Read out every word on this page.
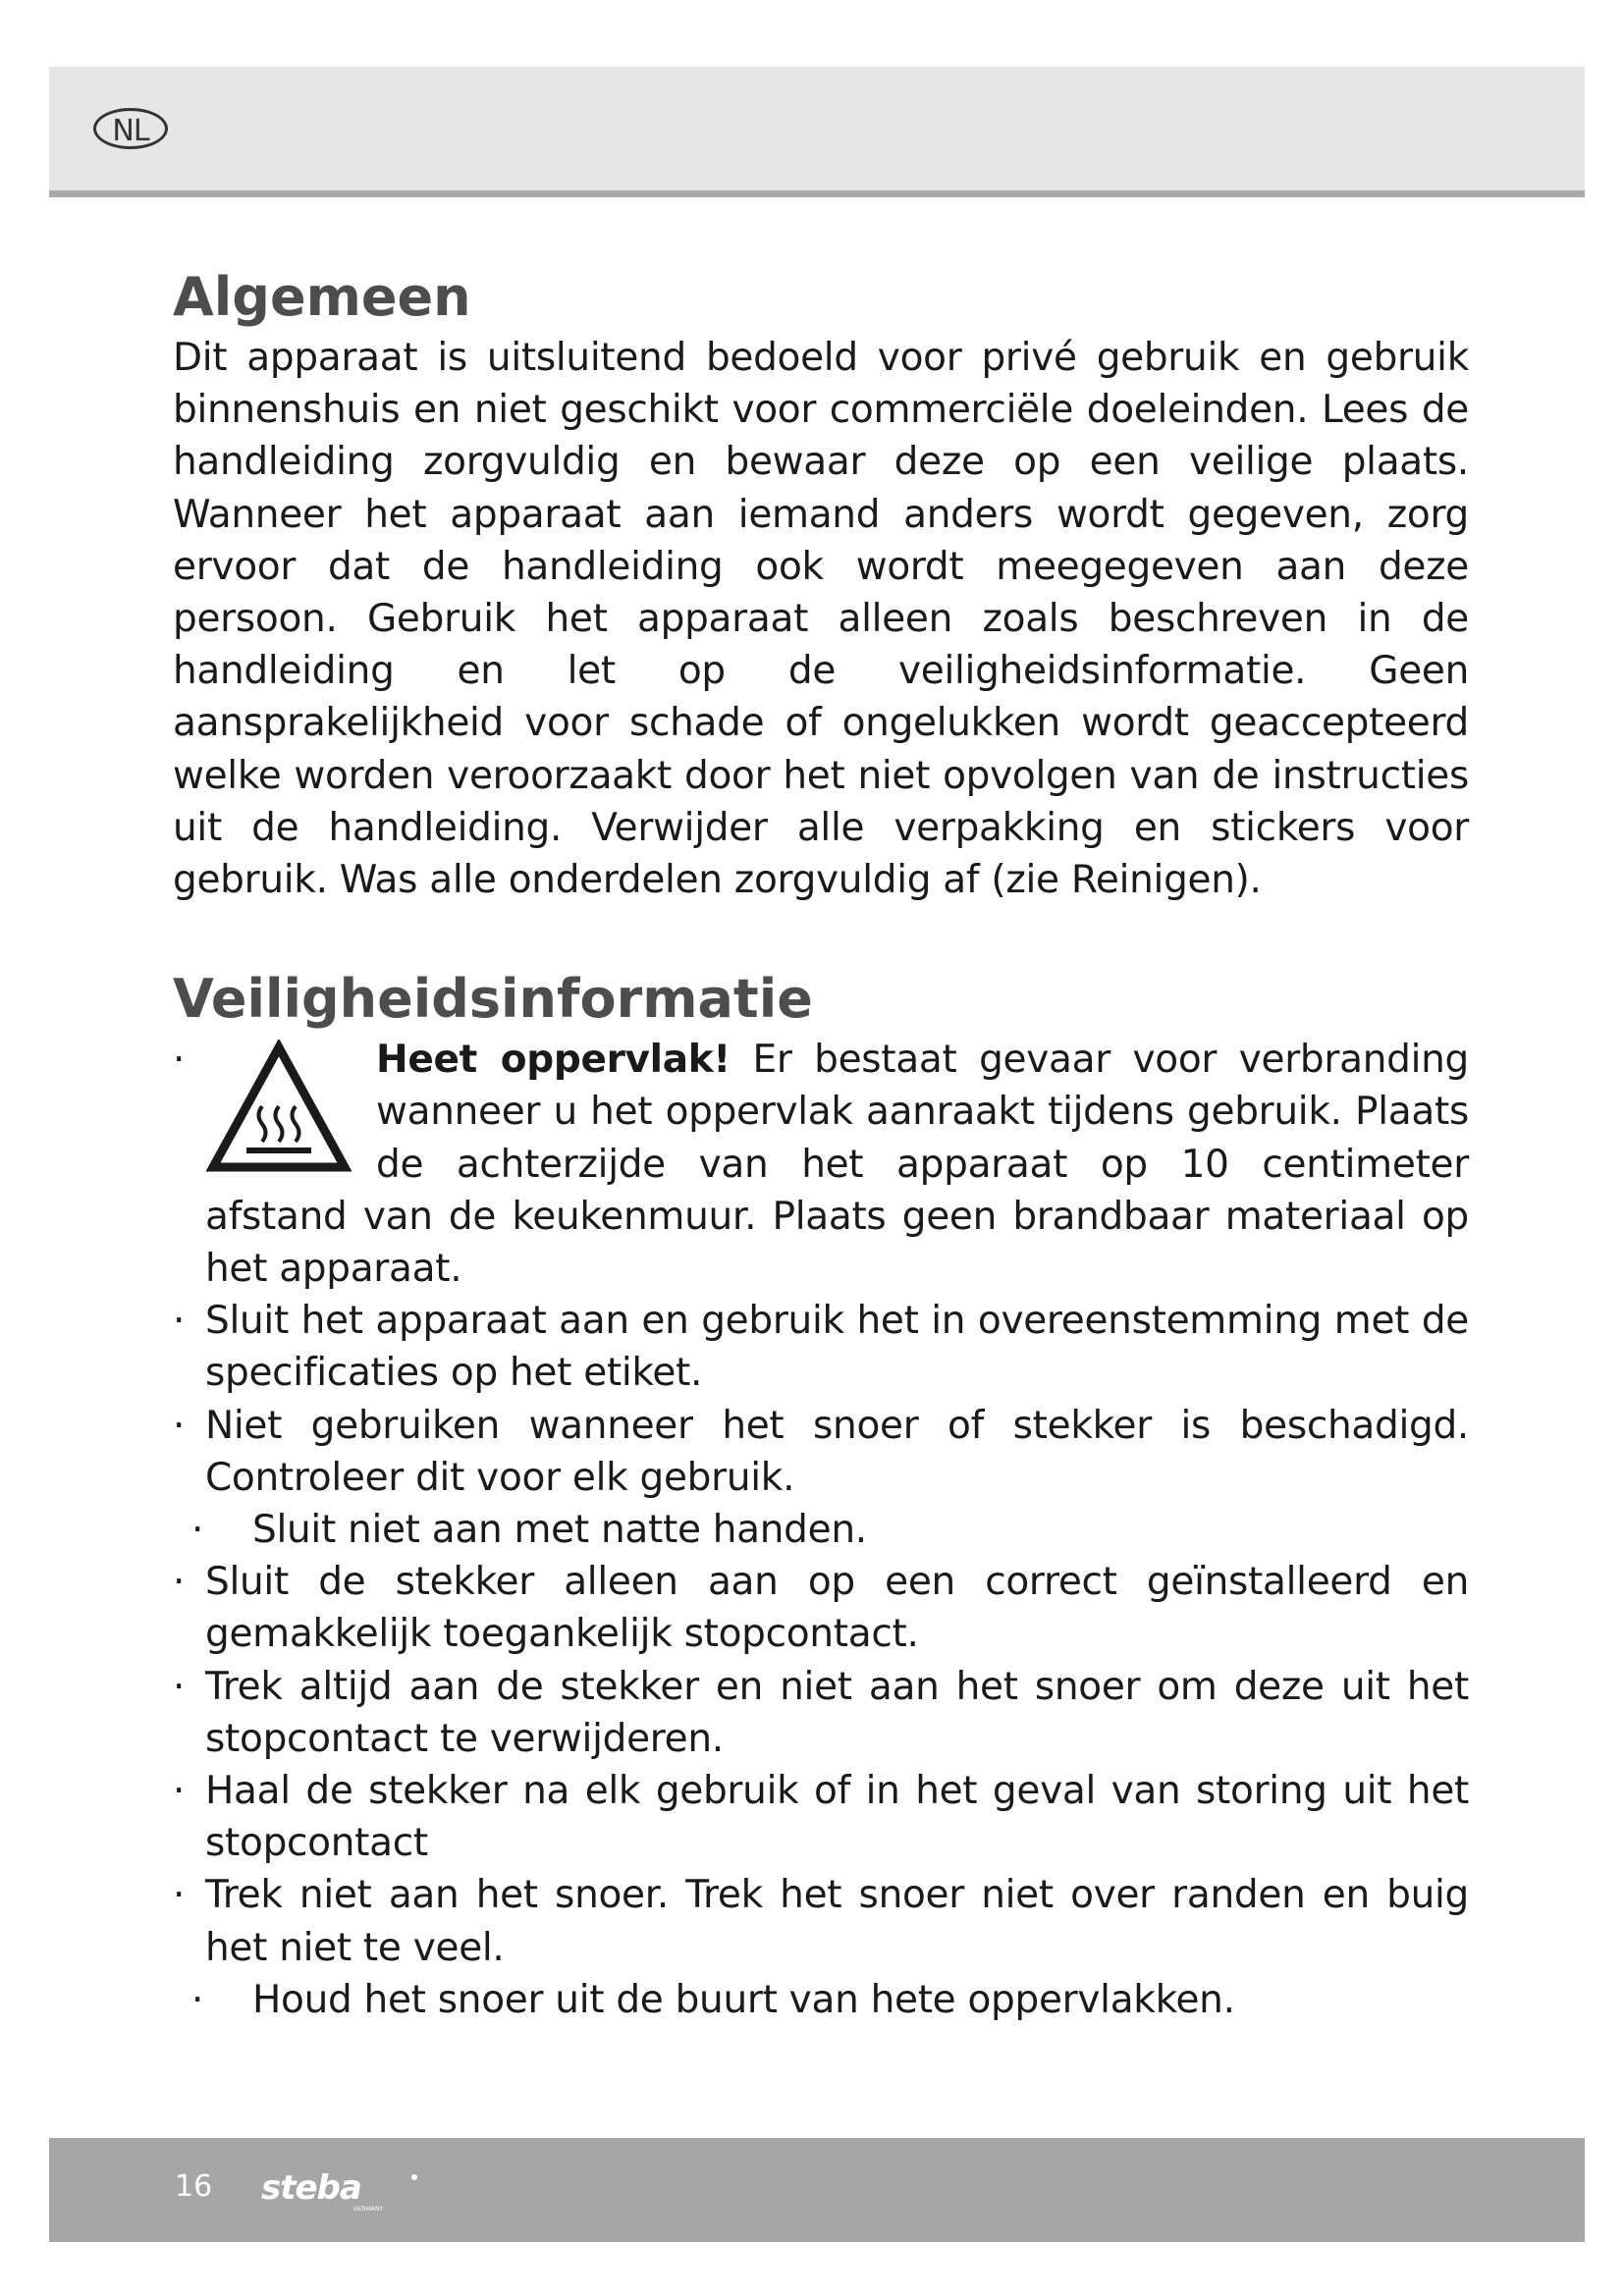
NL
Algemeen

Dit apparaat is uitsluitend bedoeld voor privé gebruik en gebruik binnenshuis en niet geschikt voor commerciële doeleinden. Lees de handleiding zorgvuldig en bewaar deze op een veilige plaats. Wanneer het apparaat aan iemand anders wordt gegeven, zorg ervoor dat de handleiding ook wordt meegegeven aan deze persoon. Gebruik het apparaat alleen zoals beschreven in de handleiding en let op de veiligheidsinformatie. Geen aansprakelijkheid voor schade of ongelukken wordt geaccepteerd welke worden veroorzaakt door het niet opvolgen van de instructies uit de handleiding. Verwijder alle verpakking en stickers voor gebruik. Was alle onderdelen zorgvuldig af (zie Reinigen).

Veiligheidsinformatie
·	Heet oppervlak! Er bestaat gevaar voor verbranding wanneer u het oppervlak aanraakt tijdens gebruik. Plaats de achterzijde van het apparaat op 10 centimeter afstand van de keukenmuur. Plaats geen brandbaar materiaal op het apparaat.
· Sluit het apparaat aan en gebruik het in overeenstemming met de specificaties op het etiket.
· Niet gebruiken wanneer het snoer of stekker is beschadigd. Controleer dit voor elk gebruik.
· Sluit niet aan met natte handen.
· Sluit de stekker alleen aan op een correct geïnstalleerd en gemakkelijk toegankelijk stopcontact.
· Trek altijd aan de stekker en niet aan het snoer om deze uit het stopcontact te verwijderen.
· Haal de stekker na elk gebruik of in het geval van storing uit het stopcontact
· Trek niet aan het snoer. Trek het snoer niet over randen en buig het niet te veel.
· Houd het snoer uit de buurt van hete oppervlakken.
16 steba
GERMANY
